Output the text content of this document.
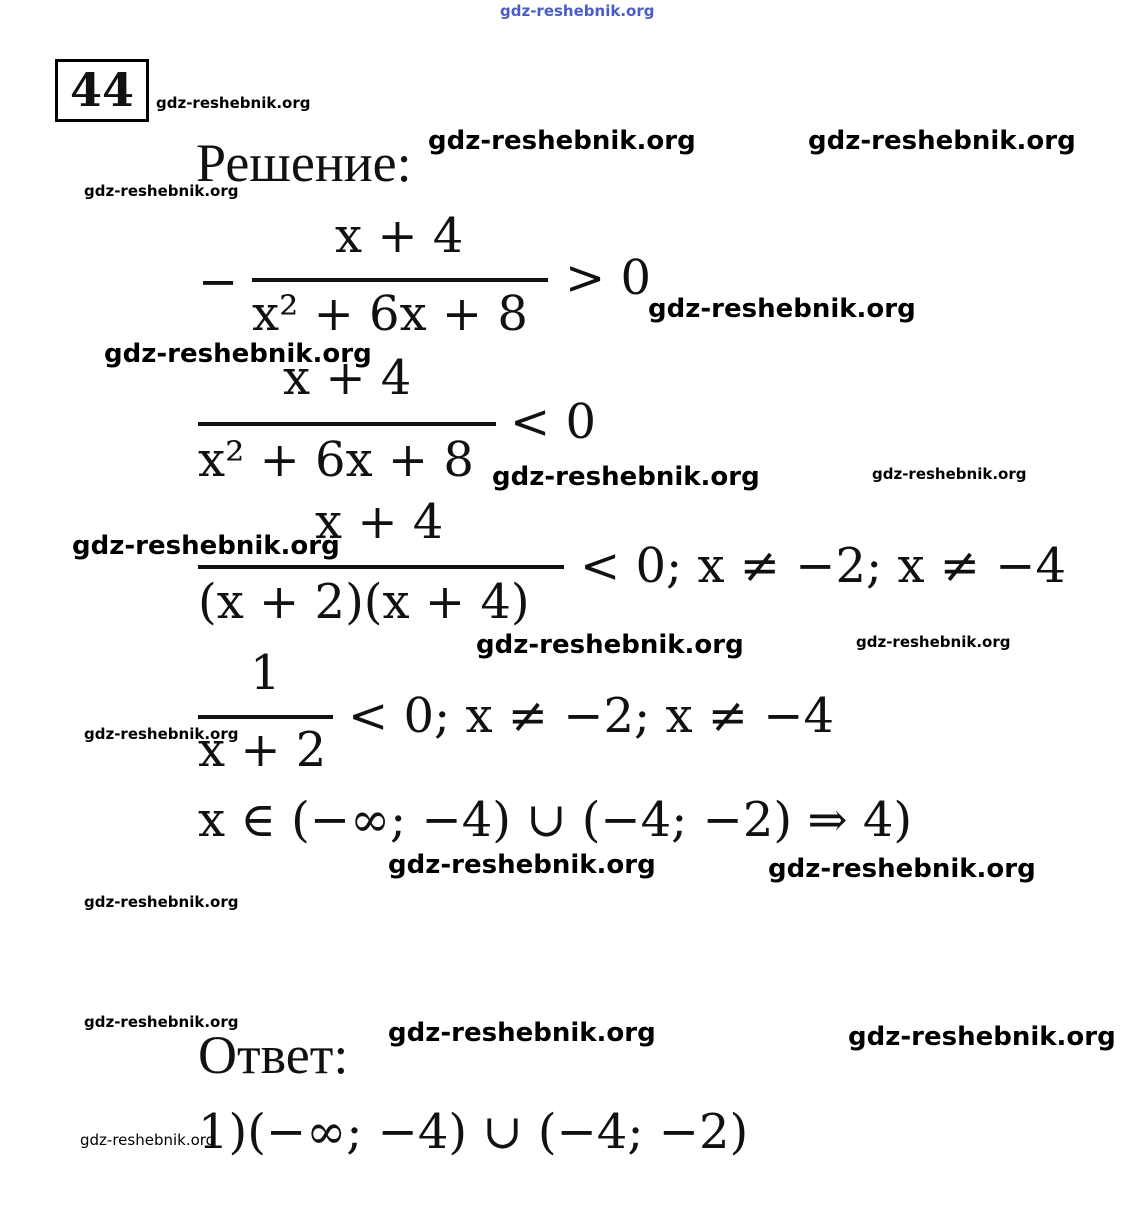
gdz-reshebnik.org
44
Решение:
−
x + 4
x² + 6x + 8
> 0
x + 4
x² + 6x + 8
< 0
x + 4
(x + 2)(x + 4)
< 0; x ≠ −2; x ≠ −4
1
x + 2
< 0; x ≠ −2; x ≠ −4
x ∈ (−∞; −4) ∪ (−4; −2) ⇒ 4)
Ответ:
1)(−∞; −4) ∪ (−4; −2)
gdz-reshebnik.org
gdz-reshebnik.org	gdz-reshebnik.org
gdz-reshebnik.org
gdz-reshebnik.org
gdz-reshebnik.org
gdz-reshebnik.org	gdz-reshebnik.org
gdz-reshebnik.org
gdz-reshebnik.org	gdz-reshebnik.org
gdz-reshebnik.org
gdz-reshebnik.org	gdz-reshebnik.org
gdz-reshebnik.org
gdz-reshebnik.org	gdz-reshebnik.org	gdz-reshebnik.org
gdz-reshebnik.org
